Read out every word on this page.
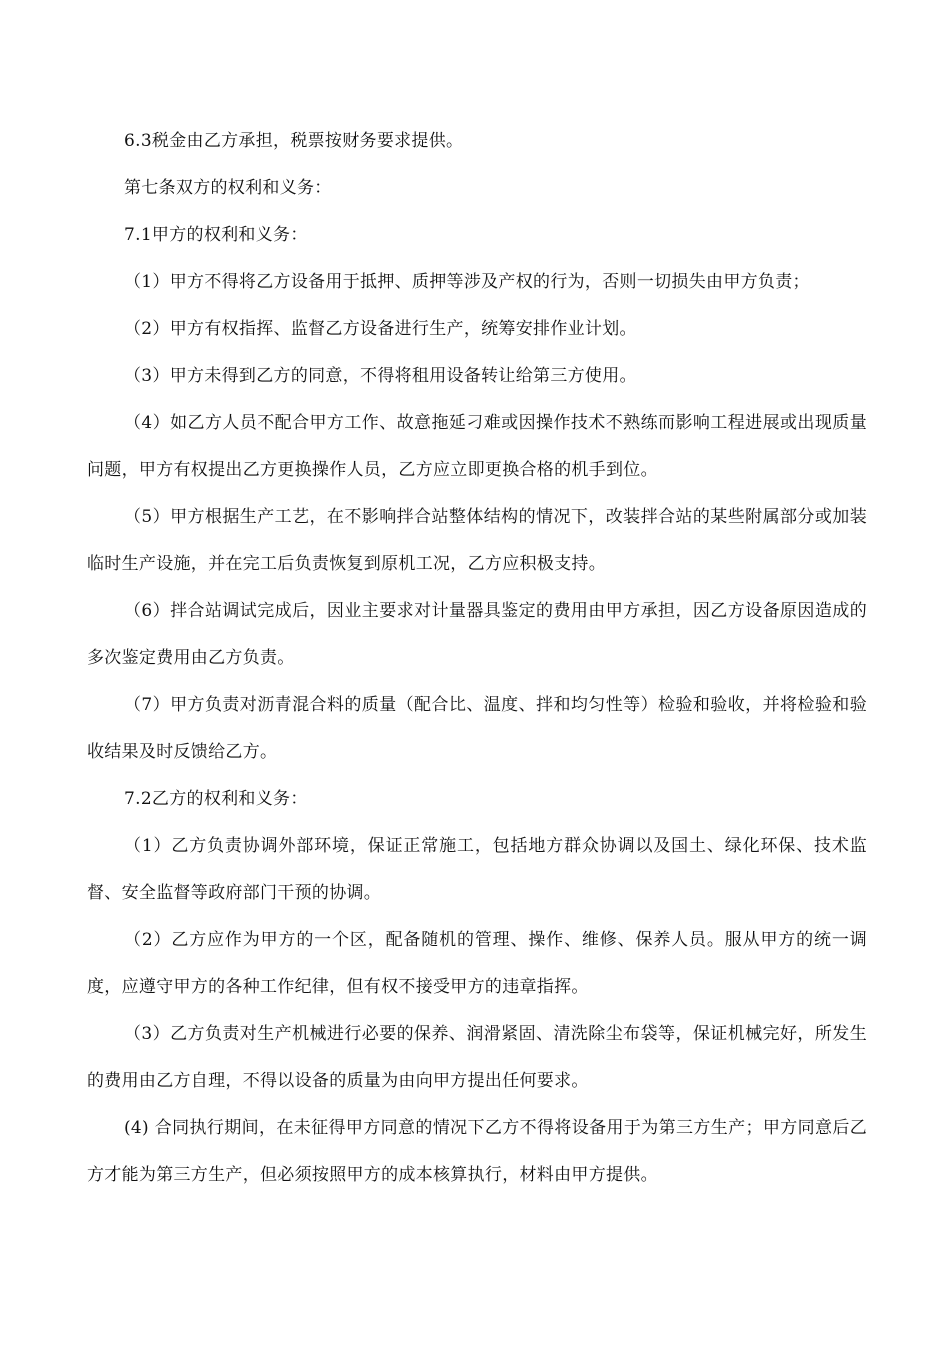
6.3税金由乙方承担，税票按财务要求提供。

第七条双方的权利和义务：

7.1甲方的权利和义务：

（1）甲方不得将乙方设备用于抵押、质押等涉及产权的行为，否则一切损失由甲方负责；

（2）甲方有权指挥、监督乙方设备进行生产，统筹安排作业计划。

（3）甲方未得到乙方的同意，不得将租用设备转让给第三方使用。

（4）如乙方人员不配合甲方工作、故意拖延刁难或因操作技术不熟练而影响工程进展或出现质量问题，甲方有权提出乙方更换操作人员，乙方应立即更换合格的机手到位。

（5）甲方根据生产工艺，在不影响拌合站整体结构的情况下，改装拌合站的某些附属部分或加装临时生产设施，并在完工后负责恢复到原机工况，乙方应积极支持。

（6）拌合站调试完成后，因业主要求对计量器具鉴定的费用由甲方承担，因乙方设备原因造成的多次鉴定费用由乙方负责。

（7）甲方负责对沥青混合料的质量（配合比、温度、拌和均匀性等）检验和验收，并将检验和验收结果及时反馈给乙方。

7.2乙方的权利和义务：

（1）乙方负责协调外部环境，保证正常施工，包括地方群众协调以及国土、绿化环保、技术监督、安全监督等政府部门干预的协调。

（2）乙方应作为甲方的一个区，配备随机的管理、操作、维修、保养人员。服从甲方的统一调度，应遵守甲方的各种工作纪律，但有权不接受甲方的违章指挥。

（3）乙方负责对生产机械进行必要的保养、润滑紧固、清洗除尘布袋等，保证机械完好，所发生的费用由乙方自理，不得以设备的质量为由向甲方提出任何要求。

(4) 合同执行期间，在未征得甲方同意的情况下乙方不得将设备用于为第三方生产；甲方同意后乙方才能为第三方生产，但必须按照甲方的成本核算执行，材料由甲方提供。
